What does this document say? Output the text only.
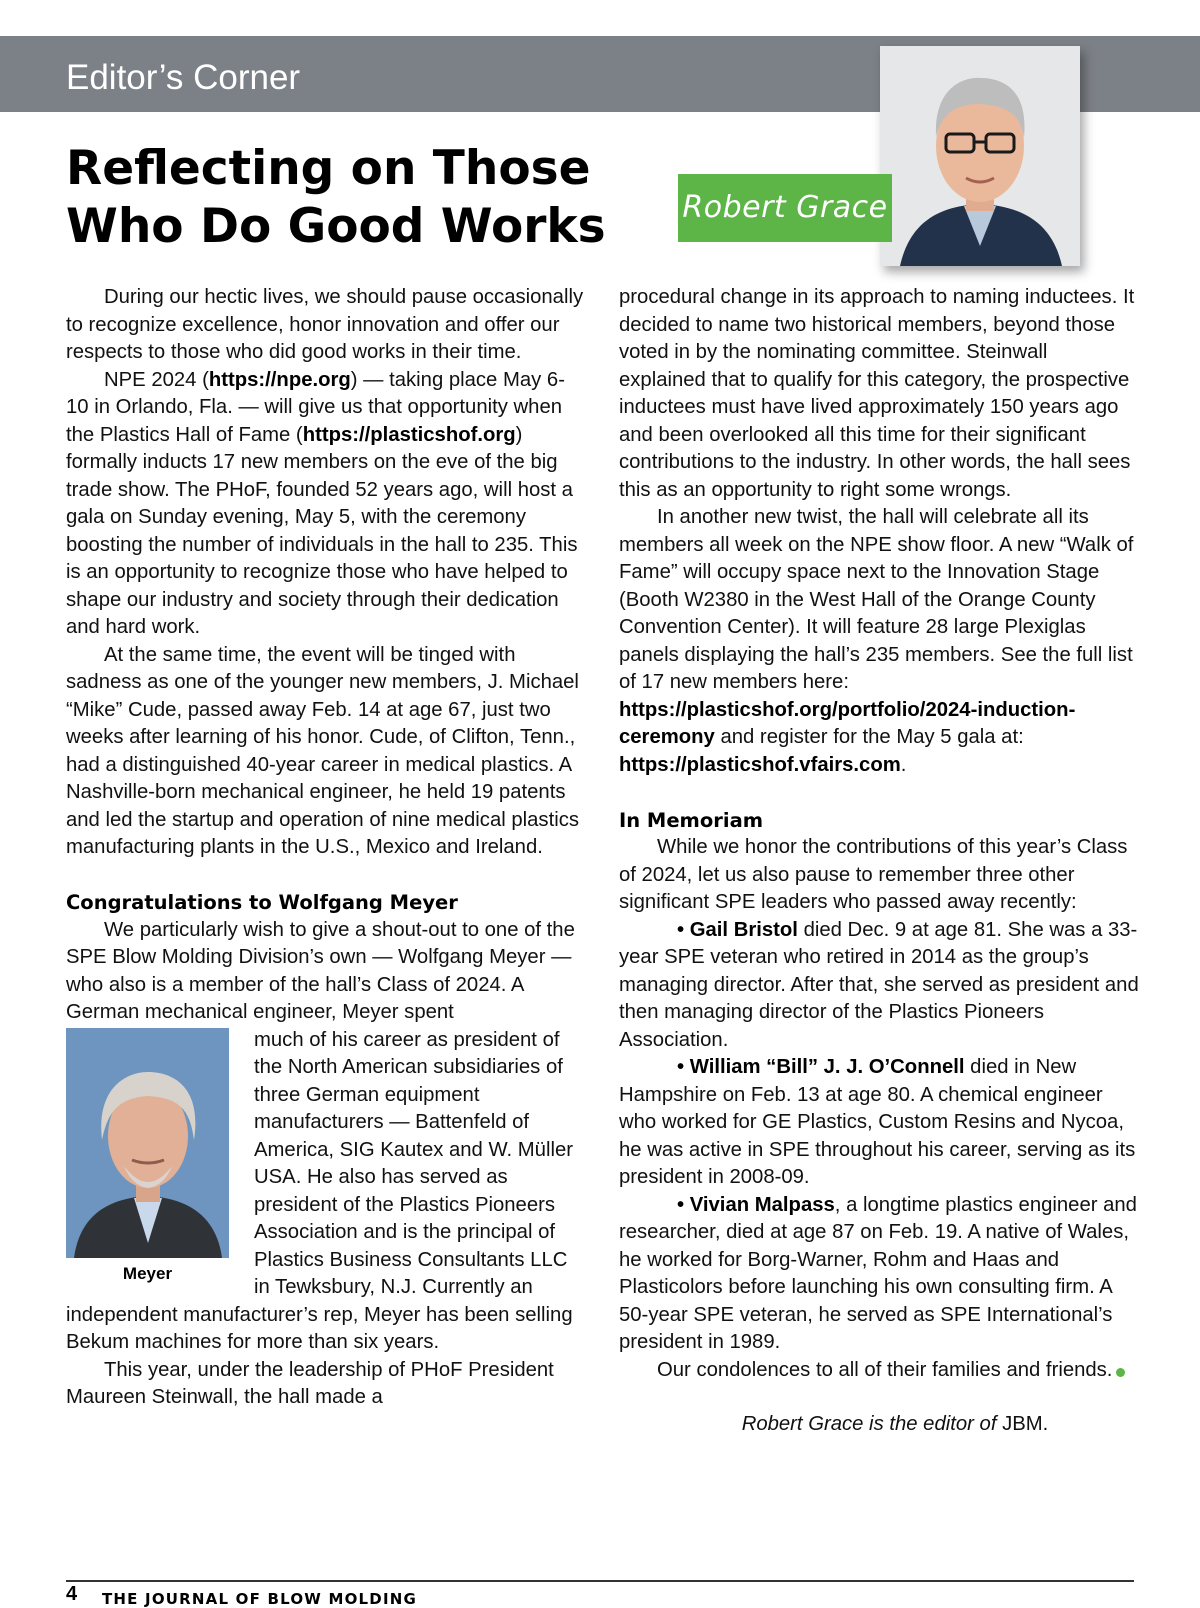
Editor’s Corner
Reflecting on Those
Who Do Good Works	Robert Grace

During our hectic lives, we should pause occasionally to recognize excellence, honor innovation and offer our respects to those who did good works in their time.

NPE 2024 (https://npe.org) — taking place May 6-10 in Orlando, Fla. — will give us that opportunity when the Plastics Hall of Fame (https://plasticshof.org) formally inducts 17 new members on the eve of the big trade show. The PHoF, founded 52 years ago, will host a gala on Sunday evening, May 5, with the ceremony boosting the number of individuals in the hall to 235. This is an opportunity to recognize those who have helped to shape our industry and society through their dedication and hard work.

At the same time, the event will be tinged with sadness as one of the younger new members, J. Michael “Mike” Cude, passed away Feb. 14 at age 67, just two weeks after learning of his honor. Cude, of Clifton, Tenn., had a distinguished 40-year career in medical plastics. A Nashville-born mechanical engineer, he held 19 patents and led the startup and operation of nine medical plastics manufacturing plants in the U.S., Mexico and Ireland.

Congratulations to Wolfgang Meyer

We particularly wish to give a shout-out to one of the SPE Blow Molding Division’s own — Wolfgang Meyer — who also is a member of the hall’s Class of 2024. A German mechanical engineer, Meyer spent

Meyer

much of his career as president of the North American subsidiaries of three German equipment manufacturers — Battenfeld of America, SIG Kautex and W. Müller USA. He also has served as president of the Plastics Pioneers Association and is the principal of Plastics Business Consultants LLC in Tewksbury, N.J. Currently an independent manufacturer’s rep, Meyer has been selling Bekum machines for more than six years.

This year, under the leadership of PHoF President Maureen Steinwall, the hall made a

procedural change in its approach to naming inductees. It decided to name two historical members, beyond those voted in by the nominating committee. Steinwall explained that to qualify for this category, the prospective inductees must have lived approximately 150 years ago and been overlooked all this time for their significant contributions to the industry. In other words, the hall sees this as an opportunity to right some wrongs.

In another new twist, the hall will celebrate all its members all week on the NPE show floor. A new “Walk of Fame” will occupy space next to the Innovation Stage (Booth W2380 in the West Hall of the Orange County Convention Center). It will feature 28 large Plexiglas panels displaying the hall’s 235 members. See the full list of 17 new members here: https://plasticshof.org/portfolio/2024-induction-ceremony and register for the May 5 gala at: https://plasticshof.vfairs.com.

In Memoriam

While we honor the contributions of this year’s Class of 2024, let us also pause to remember three other significant SPE leaders who passed away recently:

• Gail Bristol died Dec. 9 at age 81. She was a 33-year SPE veteran who retired in 2014 as the group’s managing director. After that, she served as president and then managing director of the Plastics Pioneers Association.

• William “Bill” J. J. O’Connell died in New Hampshire on Feb. 13 at age 80. A chemical engineer who worked for GE Plastics, Custom Resins and Nycoa, he was active in SPE throughout his career, serving as its president in 2008-09.

• Vivian Malpass, a longtime plastics engineer and researcher, died at age 87 on Feb. 19. A native of Wales, he worked for Borg-Warner, Rohm and Haas and Plasticolors before launching his own consulting firm. A 50-year SPE veteran, he served as SPE International’s president in 1989.

Our condolences to all of their families and friends.

Robert Grace is the editor of JBM.

4 THE JOURNAL OF BLOW MOLDING
